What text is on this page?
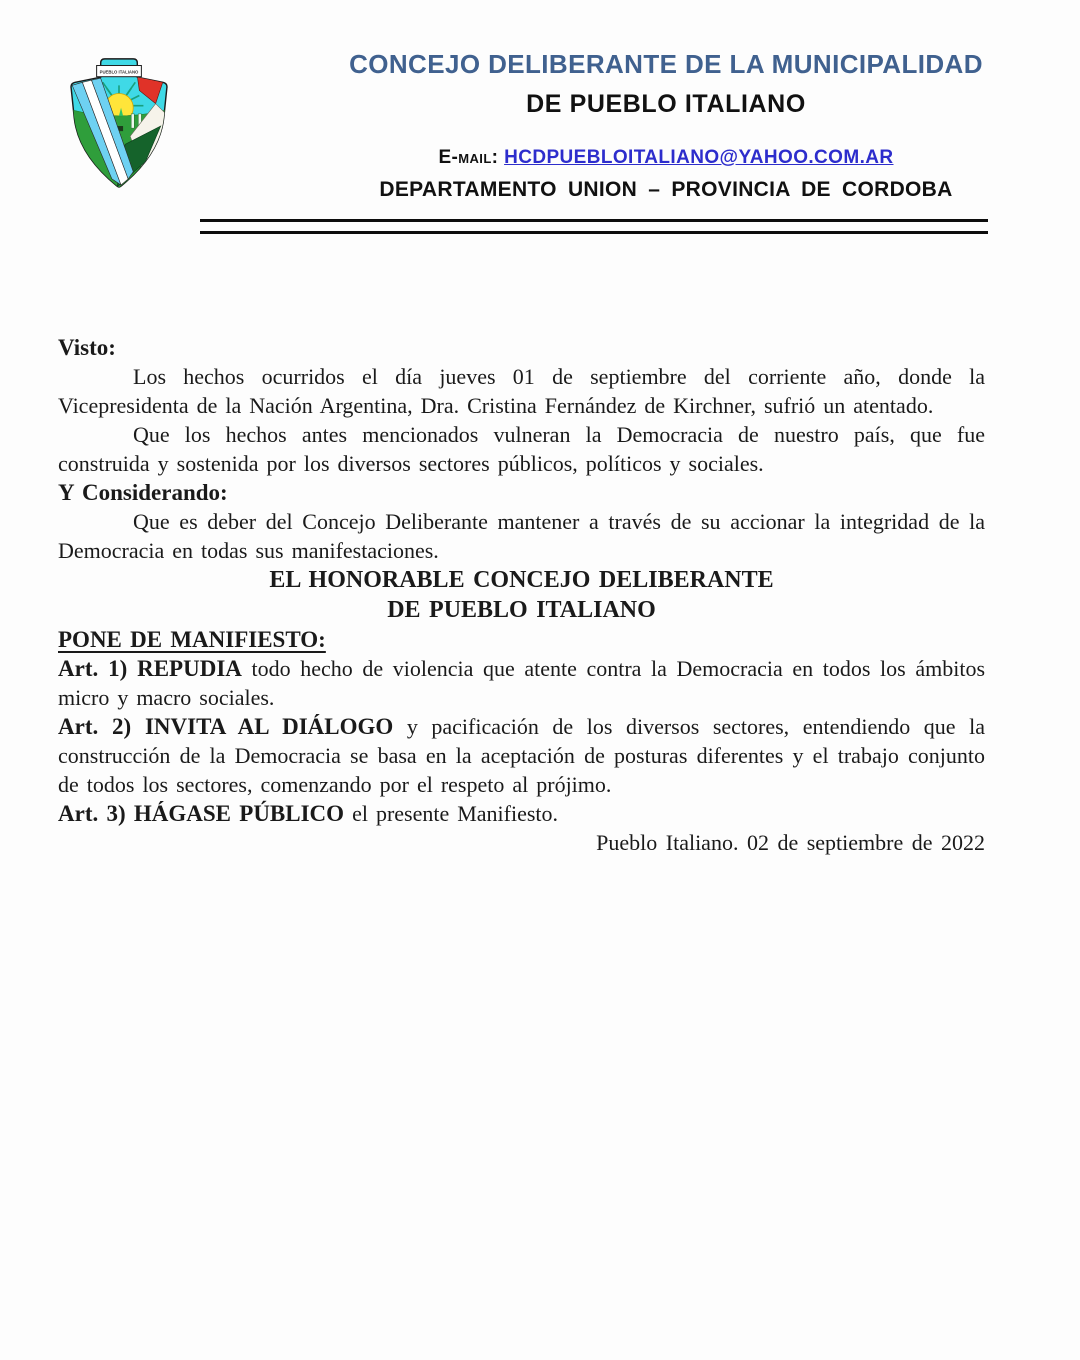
PUEBLO ITALIANO	CONCEJO DELIBERANTE DE LA MUNICIPALIDAD
DE PUEBLO ITALIANO
E-mail: HCDPUEBLOITALIANO@YAHOO.COM.AR
DEPARTAMENTO UNION – PROVINCIA DE CORDOBA

Visto:

Los hechos ocurridos el día jueves 01 de septiembre del corriente año, donde la Vicepresidenta de la Nación Argentina, Dra. Cristina Fernández de Kirchner, sufrió un atentado.

Que los hechos antes mencionados vulneran la Democracia de nuestro país, que fue construida y sostenida por los diversos sectores públicos, políticos y sociales.

Y Considerando:

Que es deber del Concejo Deliberante mantener a través de su accionar la integridad de la Democracia en todas sus manifestaciones.

EL HONORABLE CONCEJO DELIBERANTE
DE PUEBLO ITALIANO

PONE DE MANIFIESTO:

Art. 1) REPUDIA todo hecho de violencia que atente contra la Democracia en todos los ámbitos micro y macro sociales.

Art. 2) INVITA AL DIÁLOGO y pacificación de los diversos sectores, entendiendo que la construcción de la Democracia se basa en la aceptación de posturas diferentes y el trabajo conjunto de todos los sectores, comenzando por el respeto al prójimo.

Art. 3) HÁGASE PÚBLICO el presente Manifiesto.

Pueblo Italiano. 02 de septiembre de 2022
